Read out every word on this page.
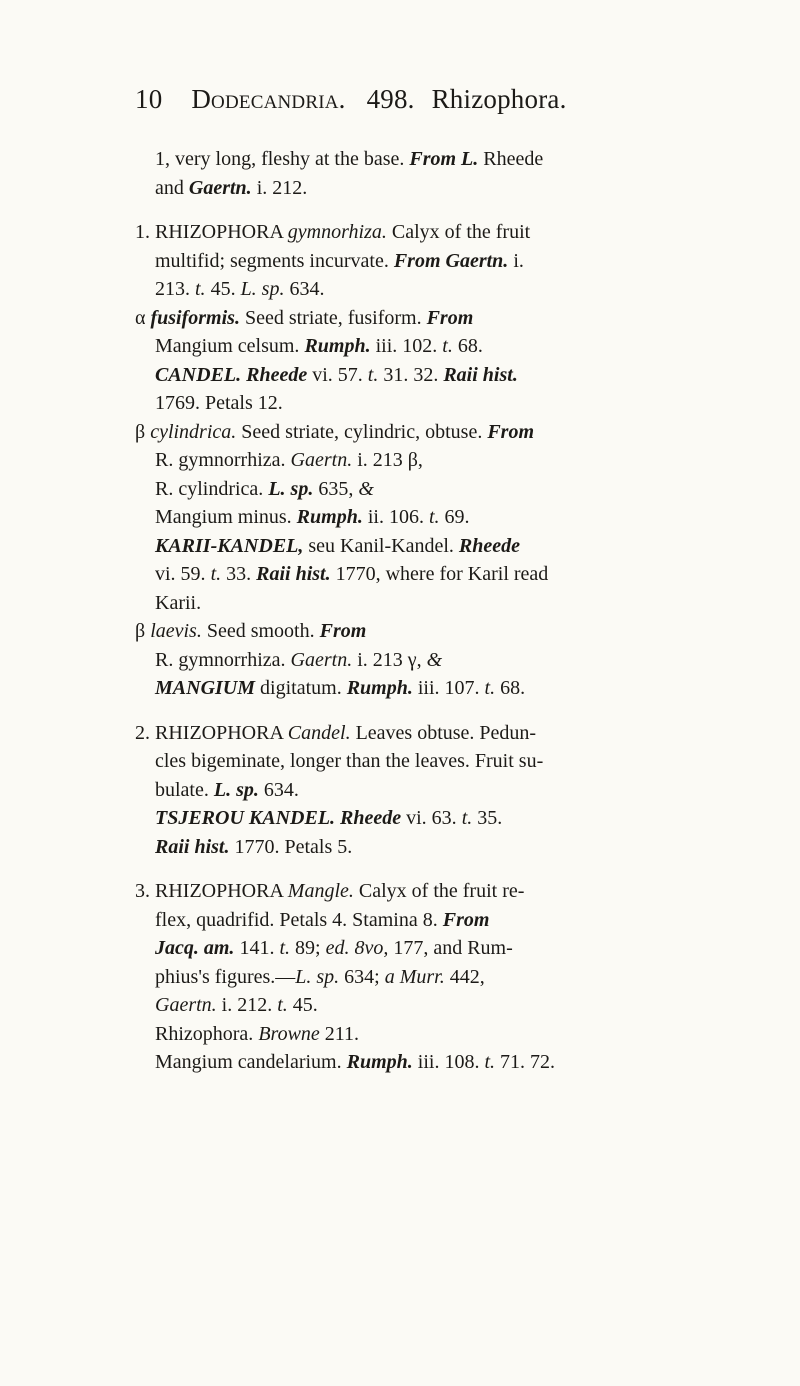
10 Dodecandria. 498. Rhizophora.

1, very long, fleshy at the base. From L. Rheede

and Gaertn. i. 212.

1. RHIZOPHORA gymnorhiza. Calyx of the fruit

multifid; segments incurvate. From Gaertn. i.

213. t. 45. L. sp. 634.

α fusiformis. Seed striate, fusiform. From

Mangium celsum. Rumph. iii. 102. t. 68.

CANDEL. Rheede vi. 57. t. 31. 32. Raii hist.

1769. Petals 12.

β cylindrica. Seed striate, cylindric, obtuse. From

R. gymnorrhiza. Gaertn. i. 213 β,

R. cylindrica. L. sp. 635, &

Mangium minus. Rumph. ii. 106. t. 69.

KARII-KANDEL, seu Kanil-Kandel. Rheede

vi. 59. t. 33. Raii hist. 1770, where for Karil read

Karii.

β laevis. Seed smooth. From

R. gymnorrhiza. Gaertn. i. 213 γ, &

MANGIUM digitatum. Rumph. iii. 107. t. 68.

2. RHIZOPHORA Candel. Leaves obtuse. Pedun-

cles bigeminate, longer than the leaves. Fruit su-

bulate. L. sp. 634.

TSJEROU KANDEL. Rheede vi. 63. t. 35.

Raii hist. 1770. Petals 5.

3. RHIZOPHORA Mangle. Calyx of the fruit re-

flex, quadrifid. Petals 4. Stamina 8. From

Jacq. am. 141. t. 89; ed. 8vo, 177, and Rum-

phius's figures.—L. sp. 634; a Murr. 442,

Gaertn. i. 212. t. 45.

Rhizophora. Browne 211.

Mangium candelarium. Rumph. iii. 108. t. 71. 72.
